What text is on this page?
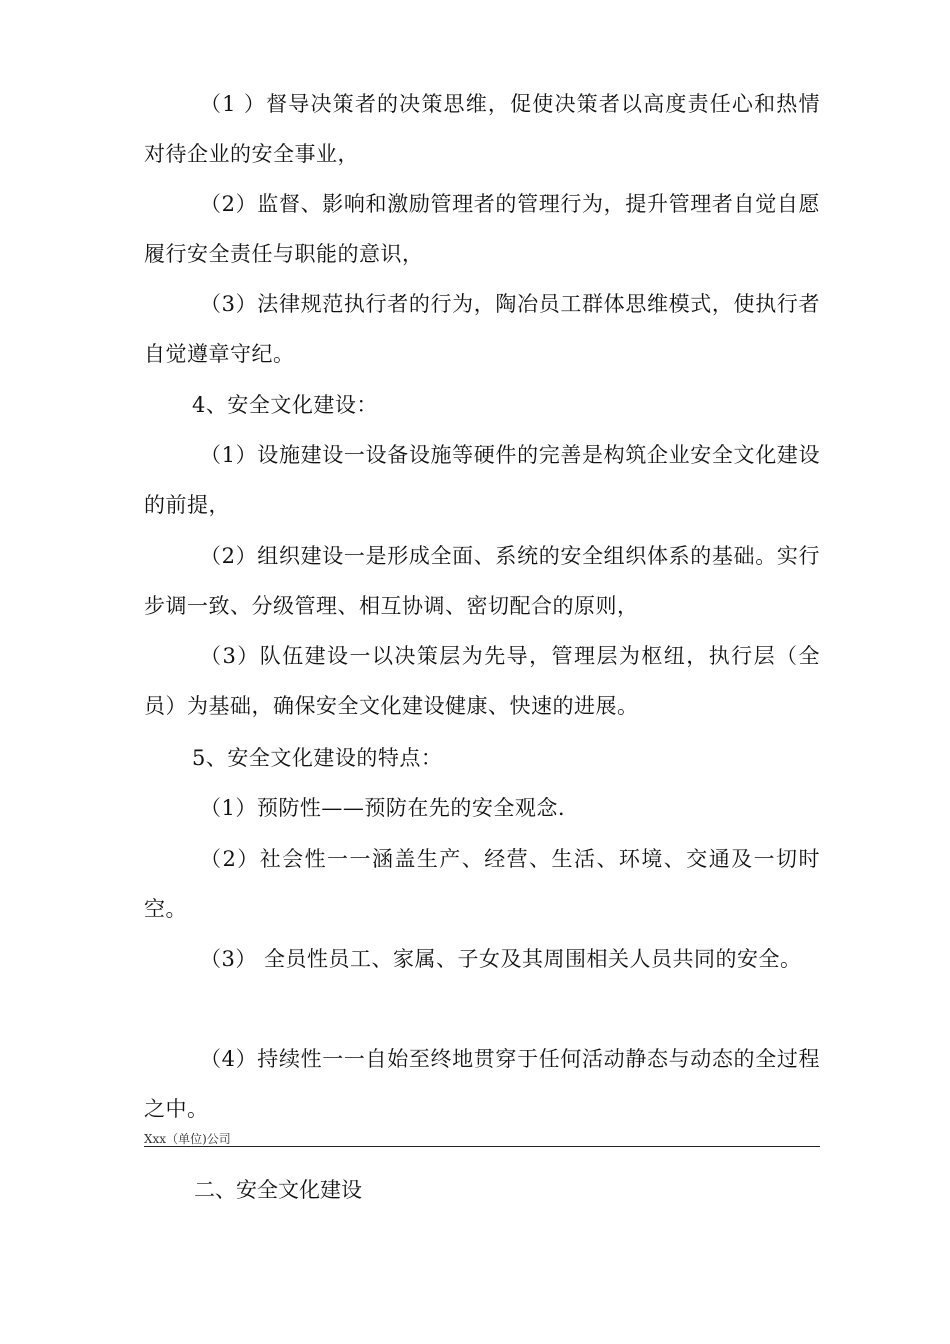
（1 ）督导决策者的决策思维，促使决策者以高度责任心和热情对待企业的安全事业，
（2）监督、影响和激励管理者的管理行为，提升管理者自觉自愿履行安全责任与职能的意识，
（3）法律规范执行者的行为，陶冶员工群体思维模式，使执行者自觉遵章守纪。
4、安全文化建设：
（1）设施建设一设备设施等硬件的完善是构筑企业安全文化建设的前提，
（2）组织建设一是形成全面、系统的安全组织体系的基础。实行步调一致、分级管理、相互协调、密切配合的原则，
（3）队伍建设一以决策层为先导，管理层为枢纽，执行层（全员）为基础，确保安全文化建设健康、快速的进展。
5、安全文化建设的特点：
（1）预防性——预防在先的安全观念.
（2）社会性一一涵盖生产、经营、生活、环境、交通及一切时空。
（3） 全员性员工、家属、子女及其周围相关人员共同的安全。
（4）持续性一一自始至终地贯穿于任何活动静态与动态的全过程之中。
Xxx（单位)公司
二、安全文化建设
